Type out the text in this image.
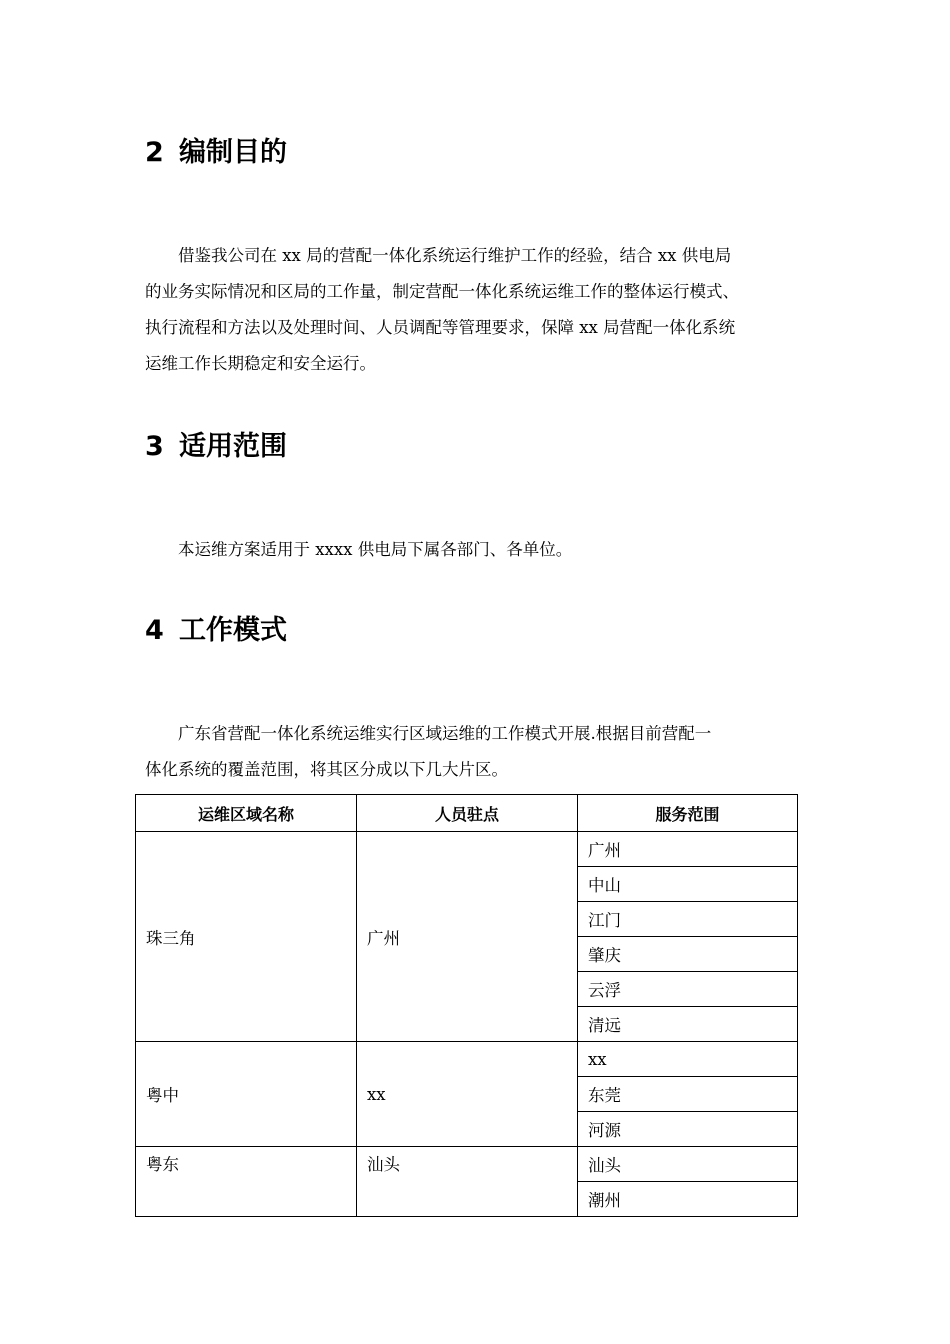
2 编制目的
　　借鉴我公司在 xx 局的营配一体化系统运行维护工作的经验，结合 xx 供电局
的业务实际情况和区局的工作量，制定营配一体化系统运维工作的整体运行模式、
执行流程和方法以及处理时间、人员调配等管理要求，保障 xx 局营配一体化系统
运维工作长期稳定和安全运行。
3 适用范围
　　本运维方案适用于 xxxx 供电局下属各部门、各单位。
4 工作模式
　　广东省营配一体化系统运维实行区域运维的工作模式开展.根据目前营配一
体化系统的覆盖范围，将其区分成以下几大片区。
运维区域名称	人员驻点	服务范围
珠三角	广州	广州
		中山
		江门
		肇庆
		云浮
		清远
粤中	xx	xx
		东莞
		河源
粤东	汕头	汕头
		潮州
